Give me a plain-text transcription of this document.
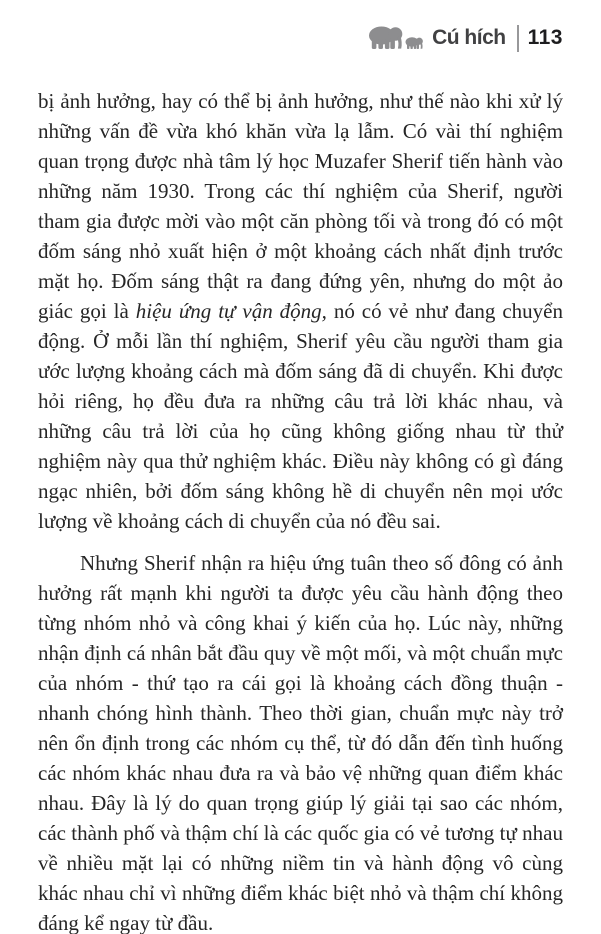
Cú hích 113

bị ảnh hưởng, hay có thể bị ảnh hưởng, như thế nào khi xử lý những vấn đề vừa khó khăn vừa lạ lẫm. Có vài thí nghiệm quan trọng được nhà tâm lý học Muzafer Sherif tiến hành vào những năm 1930. Trong các thí nghiệm của Sherif, người tham gia được mời vào một căn phòng tối và trong đó có một đốm sáng nhỏ xuất hiện ở một khoảng cách nhất định trước mặt họ. Đốm sáng thật ra đang đứng yên, nhưng do một ảo giác gọi là hiệu ứng tự vận động, nó có vẻ như đang chuyển động. Ở mỗi lần thí nghiệm, Sherif yêu cầu người tham gia ước lượng khoảng cách mà đốm sáng đã di chuyển. Khi được hỏi riêng, họ đều đưa ra những câu trả lời khác nhau, và những câu trả lời của họ cũng không giống nhau từ thử nghiệm này qua thử nghiệm khác. Điều này không có gì đáng ngạc nhiên, bởi đốm sáng không hề di chuyển nên mọi ước lượng về khoảng cách di chuyển của nó đều sai.

Nhưng Sherif nhận ra hiệu ứng tuân theo số đông có ảnh hưởng rất mạnh khi người ta được yêu cầu hành động theo từng nhóm nhỏ và công khai ý kiến của họ. Lúc này, những nhận định cá nhân bắt đầu quy về một mối, và một chuẩn mực của nhóm - thứ tạo ra cái gọi là khoảng cách đồng thuận - nhanh chóng hình thành. Theo thời gian, chuẩn mực này trở nên ổn định trong các nhóm cụ thể, từ đó dẫn đến tình huống các nhóm khác nhau đưa ra và bảo vệ những quan điểm khác nhau. Đây là lý do quan trọng giúp lý giải tại sao các nhóm, các thành phố và thậm chí là các quốc gia có vẻ tương tự nhau về nhiều mặt lại có những niềm tin và hành động vô cùng khác nhau chỉ vì những điểm khác biệt nhỏ và thậm chí không đáng kể ngay từ đầu.
